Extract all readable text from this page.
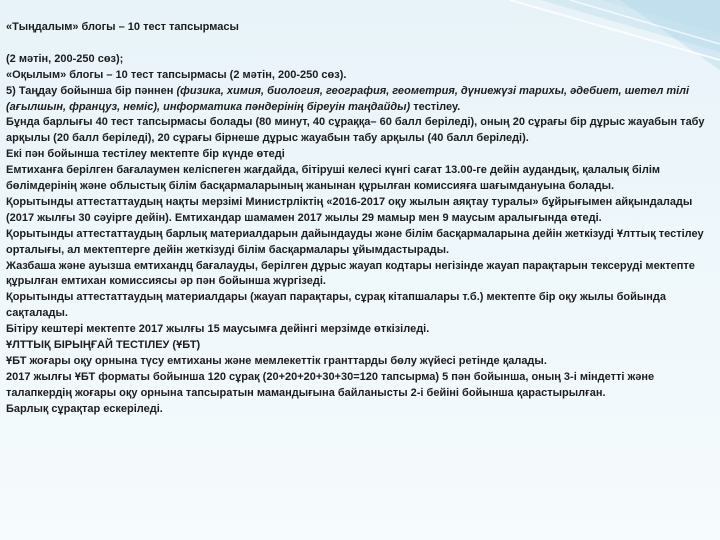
«Тыңдалым» блогы – 10 тест тапсырмасы

(2 мәтін, 200-250 сөз);

«Оқылым» блогы – 10 тест тапсырмасы (2 мәтін, 200-250 сөз).

5) Таңдау бойынша бір пәннен (физика, химия, биология, география, геометрия, дүниежүзі тарихы, әдебиет, шетел тілі (ағылшын, француз, неміс), информатика пәндерінің біреуін таңдайды) тестілеу.

Бұнда барлығы 40 тест тапсырмасы болады (80 минут, 40 сұраққа– 60 балл беріледі), оның 20 сұрағы бір дұрыс жауабын табу арқылы (20 балл беріледі), 20 сұрағы бірнеше дұрыс жауабын табу арқылы (40 балл беріледі).

Екі пән бойынша тестілеу мектепте бір күнде өтеді

Емтиханға берілген бағалаумен келіспеген жағдайда, бітіруші келесі күнгі сағат 13.00-ге дейін аудандық, қалалық білім бөлімдерінің және облыстық білім басқармаларының жанынан құрылған комиссияға шағымдануына болады.

Қорытынды аттестаттаудың нақты мерзімі Министрліктің «2016-2017 оқу жылын аяқтау туралы» бұйрығымен айқындалады (2017 жылғы 30 сәуірге дейін). Емтихандар шамамен 2017 жылы 29 мамыр мен 9 маусым аралығында өтеді.

Қорытынды аттестаттаудың барлық материалдарын дайындауды және білім басқармаларына дейін жеткізуді Ұлттық тестілеу орталығы, ал мектептерге дейін жеткізуді білім басқармалары ұйымдастырады.

Жазбаша және ауызша емтихандц бағалауды, берілген дұрыс жауап кодтары негізінде жауап парақтарын тексеруді мектепте құрылған емтихан комиссиясы әр пән бойынша жүргізеді.

Қорытынды аттестаттаудың материалдары (жауап парақтары, сұрақ кітапшалары т.б.) мектепте бір оқу жылы бойында сақталады.

Бітіру кештері мектепте 2017 жылғы 15 маусымға дейінгі мерзімде өткізіледі.

ҰЛТТЫҚ БІРЫҢҒАЙ ТЕСТІЛЕУ (ҰБТ)

ҰБТ жоғары оқу орнына түсу емтиханы және мемлекеттік гранттарды бөлу жүйесі ретінде қалады.

2017 жылғы ҰБТ форматы бойынша 120 сұрақ (20+20+20+30+30=120 тапсырма) 5 пән бойынша, оның 3-і міндетті және талапкердің жоғары оқу орнына тапсыратын мамандығына байланысты 2-і бейіні бойынша қарастырылған.

Барлық сұрақтар ескеріледі.
